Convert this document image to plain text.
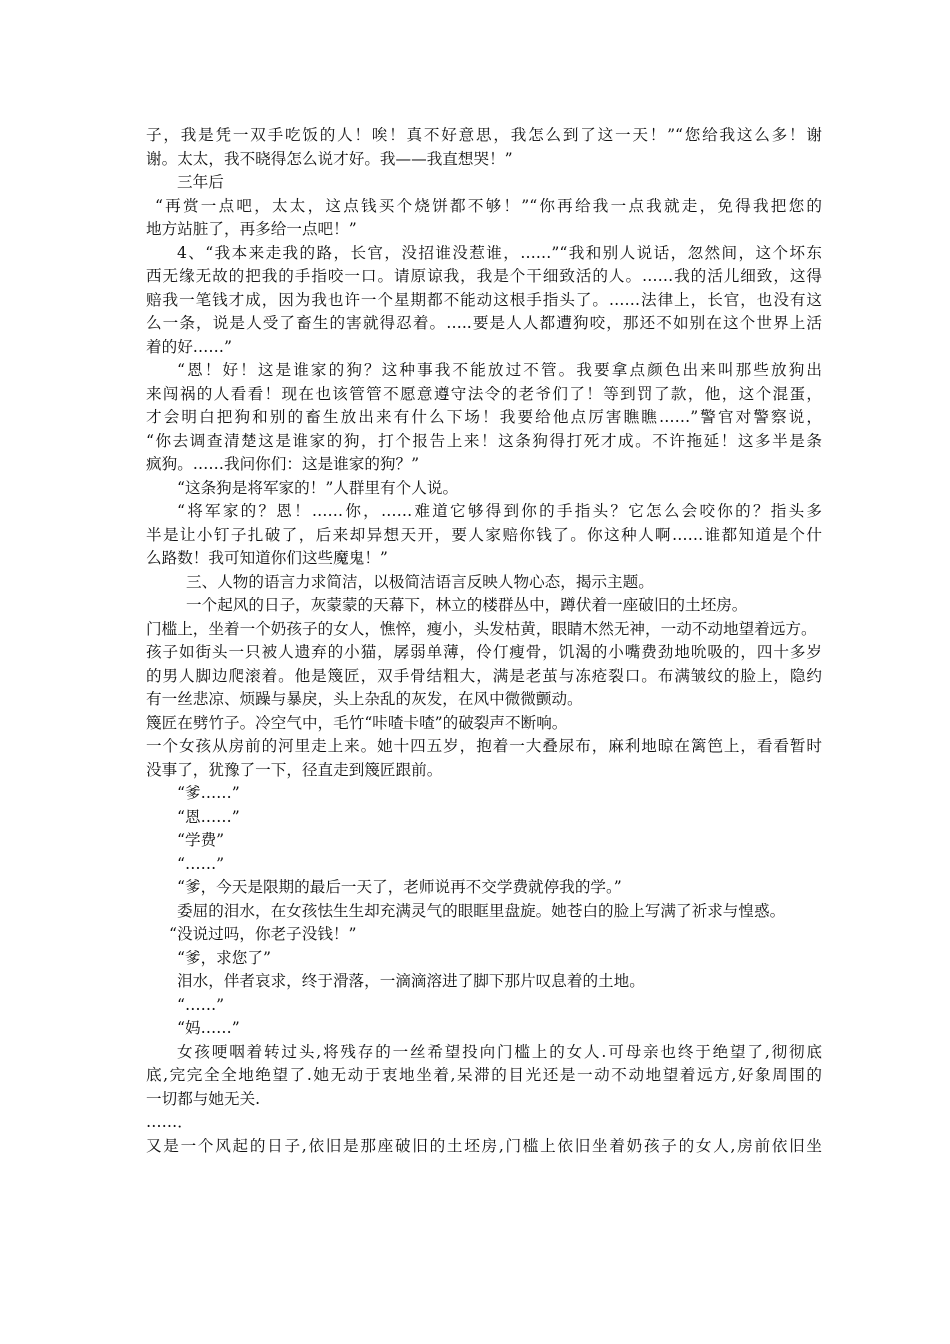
子，我是凭一双手吃饭的人！唉！真不好意思，我怎么到了这一天！”“您给我这么多！谢
谢。太太，我不晓得怎么说才好。我——我直想哭！”
三年后
“再赏一点吧，太太，这点钱买个烧饼都不够！”“你再给我一点我就走，免得我把您的
地方站脏了，再多给一点吧！”
4、“我本来走我的路，长官，没招谁没惹谁，……”“我和别人说话，忽然间，这个坏东
西无缘无故的把我的手指咬一口。请原谅我，我是个干细致活的人。……我的活儿细致，这得
赔我一笔钱才成，因为我也许一个星期都不能动这根手指头了。……法律上，长官，也没有这
么一条，说是人受了畜生的害就得忍着。…..要是人人都遭狗咬，那还不如别在这个世界上活
着的好……”
“恩！好！这是谁家的狗？这种事我不能放过不管。我要拿点颜色出来叫那些放狗出
来闯祸的人看看！现在也该管管不愿意遵守法令的老爷们了！等到罚了款，他，这个混蛋，
才会明白把狗和别的畜生放出来有什么下场！我要给他点厉害瞧瞧……”警官对警察说，
“你去调查清楚这是谁家的狗，打个报告上来！这条狗得打死才成。不许拖延！这多半是条
疯狗。……我问你们：这是谁家的狗？”
“这条狗是将军家的！”人群里有个人说。
“将军家的？恩！……你，……难道它够得到你的手指头？它怎么会咬你的？指头多
半是让小钉子扎破了，后来却异想天开，要人家赔你钱了。你这种人啊……谁都知道是个什
么路数！我可知道你们这些魔鬼！”
三、人物的语言力求简洁，以极简洁语言反映人物心态，揭示主题。
一个起风的日子，灰蒙蒙的天幕下，林立的楼群丛中，蹲伏着一座破旧的土坯房。
门槛上，坐着一个奶孩子的女人，憔悴，瘦小，头发枯黄，眼睛木然无神，一动不动地望着远方。
孩子如街头一只被人遗弃的小猫，孱弱单薄，伶仃瘦骨，饥渴的小嘴费劲地吮吸的，四十多岁
的男人脚边爬滚着。他是篾匠，双手骨结粗大，满是老茧与冻疮裂口。布满皱纹的脸上，隐约
有一丝悲凉、烦躁与暴戾，头上杂乱的灰发，在风中微微颤动。
篾匠在劈竹子。冷空气中，毛竹“咔喳卡喳”的破裂声不断响。
一个女孩从房前的河里走上来。她十四五岁，抱着一大叠尿布，麻利地晾在篱笆上，看看暂时
没事了，犹豫了一下，径直走到篾匠跟前。
“爹……”
“恩……”
“学费”
“……”
“爹，今天是限期的最后一天了，老师说再不交学费就停我的学。”
委屈的泪水，在女孩怯生生却充满灵气的眼眶里盘旋。她苍白的脸上写满了祈求与惶惑。
“没说过吗，你老子没钱！”
“爹，求您了”
泪水，伴者哀求，终于滑落，一滴滴溶进了脚下那片叹息着的土地。
“……”
“妈……”
女孩哽咽着转过头,将残存的一丝希望投向门槛上的女人.可母亲也终于绝望了,彻彻底
底,完完全全地绝望了.她无动于衷地坐着,呆滞的目光还是一动不动地望着远方,好象周围的
一切都与她无关.
……．
又是一个风起的日子,依旧是那座破旧的土坯房,门槛上依旧坐着奶孩子的女人,房前依旧坐
